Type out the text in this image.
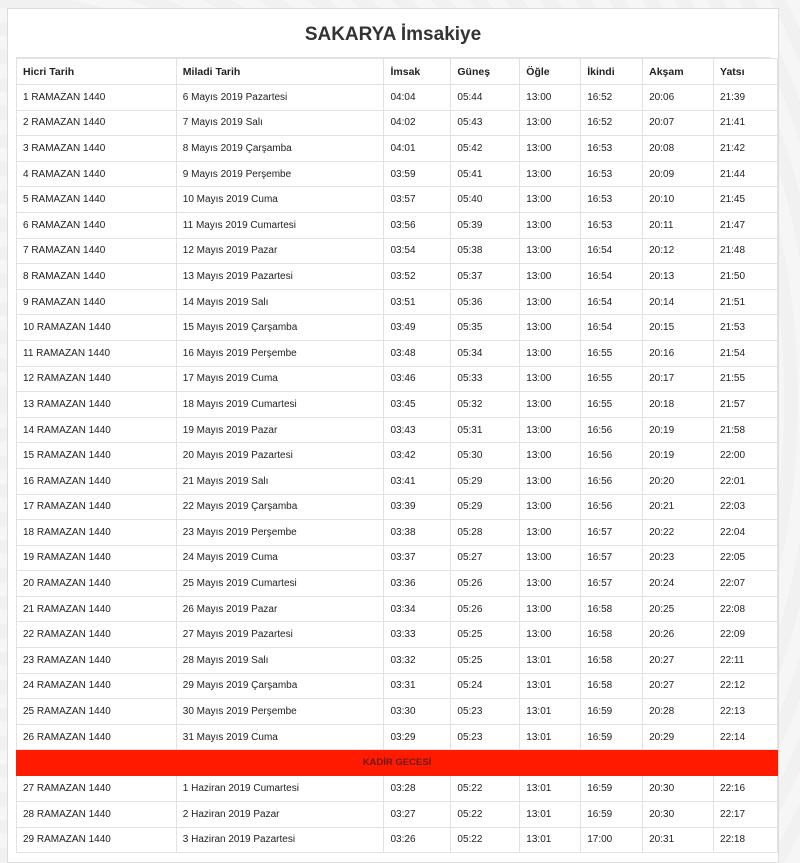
SAKARYA İmsakiye
Hicri Tarih	Miladi Tarih	İmsak	Güneş	Öğle	İkindi	Akşam	Yatsı
1 RAMAZAN 1440	6 Mayıs 2019 Pazartesi	04:04	05:44	13:00	16:52	20:06	21:39
2 RAMAZAN 1440	7 Mayıs 2019 Salı	04:02	05:43	13:00	16:52	20:07	21:41
3 RAMAZAN 1440	8 Mayıs 2019 Çarşamba	04:01	05:42	13:00	16:53	20:08	21:42
4 RAMAZAN 1440	9 Mayıs 2019 Perşembe	03:59	05:41	13:00	16:53	20:09	21:44
5 RAMAZAN 1440	10 Mayıs 2019 Cuma	03:57	05:40	13:00	16:53	20:10	21:45
6 RAMAZAN 1440	11 Mayıs 2019 Cumartesi	03:56	05:39	13:00	16:53	20:11	21:47
7 RAMAZAN 1440	12 Mayıs 2019 Pazar	03:54	05:38	13:00	16:54	20:12	21:48
8 RAMAZAN 1440	13 Mayıs 2019 Pazartesi	03:52	05:37	13:00	16:54	20:13	21:50
9 RAMAZAN 1440	14 Mayıs 2019 Salı	03:51	05:36	13:00	16:54	20:14	21:51
10 RAMAZAN 1440	15 Mayıs 2019 Çarşamba	03:49	05:35	13:00	16:54	20:15	21:53
11 RAMAZAN 1440	16 Mayıs 2019 Perşembe	03:48	05:34	13:00	16:55	20:16	21:54
12 RAMAZAN 1440	17 Mayıs 2019 Cuma	03:46	05:33	13:00	16:55	20:17	21:55
13 RAMAZAN 1440	18 Mayıs 2019 Cumartesi	03:45	05:32	13:00	16:55	20:18	21:57
14 RAMAZAN 1440	19 Mayıs 2019 Pazar	03:43	05:31	13:00	16:56	20:19	21:58
15 RAMAZAN 1440	20 Mayıs 2019 Pazartesi	03:42	05:30	13:00	16:56	20:19	22:00
16 RAMAZAN 1440	21 Mayıs 2019 Salı	03:41	05:29	13:00	16:56	20:20	22:01
17 RAMAZAN 1440	22 Mayıs 2019 Çarşamba	03:39	05:29	13:00	16:56	20:21	22:03
18 RAMAZAN 1440	23 Mayıs 2019 Perşembe	03:38	05:28	13:00	16:57	20:22	22:04
19 RAMAZAN 1440	24 Mayıs 2019 Cuma	03:37	05:27	13:00	16:57	20:23	22:05
20 RAMAZAN 1440	25 Mayıs 2019 Cumartesi	03:36	05:26	13:00	16:57	20:24	22:07
21 RAMAZAN 1440	26 Mayıs 2019 Pazar	03:34	05:26	13:00	16:58	20:25	22:08
22 RAMAZAN 1440	27 Mayıs 2019 Pazartesi	03:33	05:25	13:00	16:58	20:26	22:09
23 RAMAZAN 1440	28 Mayıs 2019 Salı	03:32	05:25	13:01	16:58	20:27	22:11
24 RAMAZAN 1440	29 Mayıs 2019 Çarşamba	03:31	05:24	13:01	16:58	20:27	22:12
25 RAMAZAN 1440	30 Mayıs 2019 Perşembe	03:30	05:23	13:01	16:59	20:28	22:13
26 RAMAZAN 1440	31 Mayıs 2019 Cuma	03:29	05:23	13:01	16:59	20:29	22:14
KADİR GECESİ							
27 RAMAZAN 1440	1 Haziran 2019 Cumartesi	03:28	05:22	13:01	16:59	20:30	22:16
28 RAMAZAN 1440	2 Haziran 2019 Pazar	03:27	05:22	13:01	16:59	20:30	22:17
29 RAMAZAN 1440	3 Haziran 2019 Pazartesi	03:26	05:22	13:01	17:00	20:31	22:18
